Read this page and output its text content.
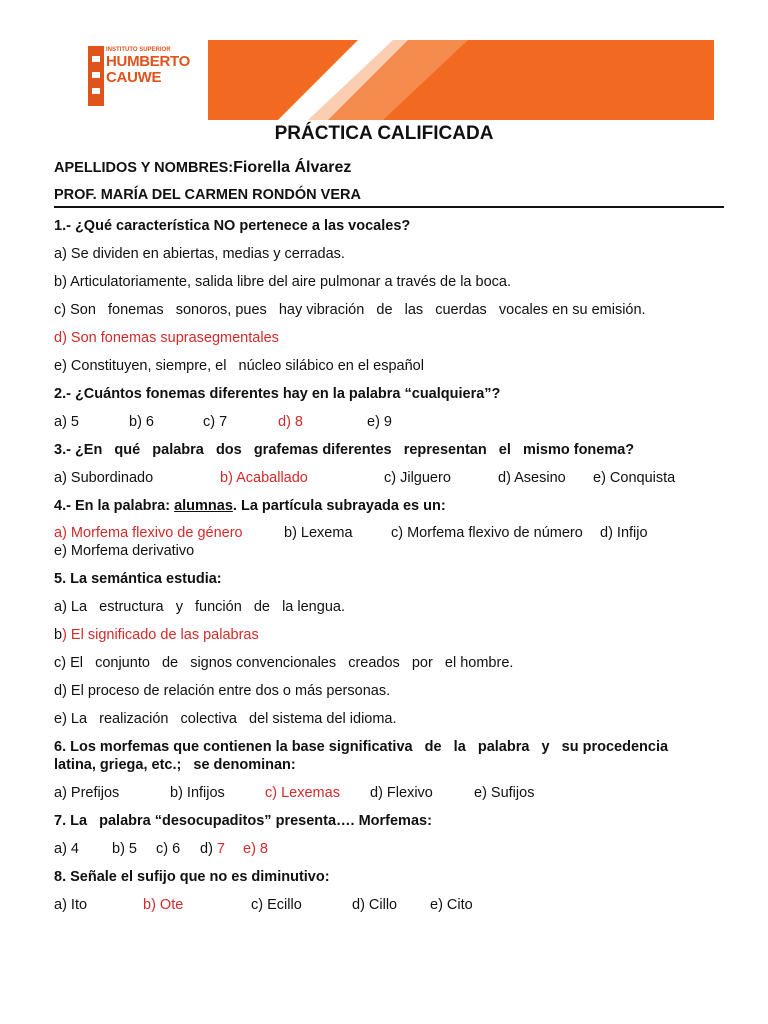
INSTITUTO SUPERIOR
HUMBERTO
CAUWE
PRÁCTICA CALIFICADA
APELLIDOS Y NOMBRES:Fiorella Álvarez
PROF. MARÍA DEL CARMEN RONDÓN VERA
1.- ¿Qué característica NO pertenece a las vocales?
a) Se dividen en abiertas, medias y cerradas.
b) Articulatoriamente, salida libre del aire pulmonar a través de la boca.
c) Son   fonemas   sonoros, pues   hay vibración   de   las   cuerdas   vocales en su emisión.
d) Son fonemas suprasegmentales
e) Constituyen, siempre, el   núcleo silábico en el español
2.- ¿Cuántos fonemas diferentes hay en la palabra “cualquiera”?
a) 5	b) 6	c) 7	d) 8	e) 9
3.- ¿En   qué   palabra   dos   grafemas diferentes   representan   el   mismo fonema?
a) Subordinado	b) Acaballado	c) Jilguero	d) Asesino e) Conquista
4.- En la palabra: alumnas. La partícula subrayada es un:
a) Morfema flexivo de género	b) Lexema	c) Morfema flexivo de número d) Infijo
e) Morfema derivativo
5. La semántica estudia:
a) La   estructura   y   función   de   la lengua.
b) El significado de las palabras
c) El   conjunto   de   signos convencionales   creados   por   el hombre.
d) El proceso de relación entre dos o más personas.
e) La   realización   colectiva   del sistema del idioma.
6. Los morfemas que contienen la base significativa   de   la   palabra   y   su procedencia
latina, griega, etc.;   se denominan:
a) Prefijos	b) Infijos	c) Lexemas d) Flexivo	e) Sufijos
7. La   palabra “desocupaditos” presenta…. Morfemas:
a) 4 b) 5 c) 6 d) 7 e) 8
8. Señale el sufijo que no es diminutivo:
a) Ito	b) Ote	c) Ecillo	d) Cillo e) Cito
